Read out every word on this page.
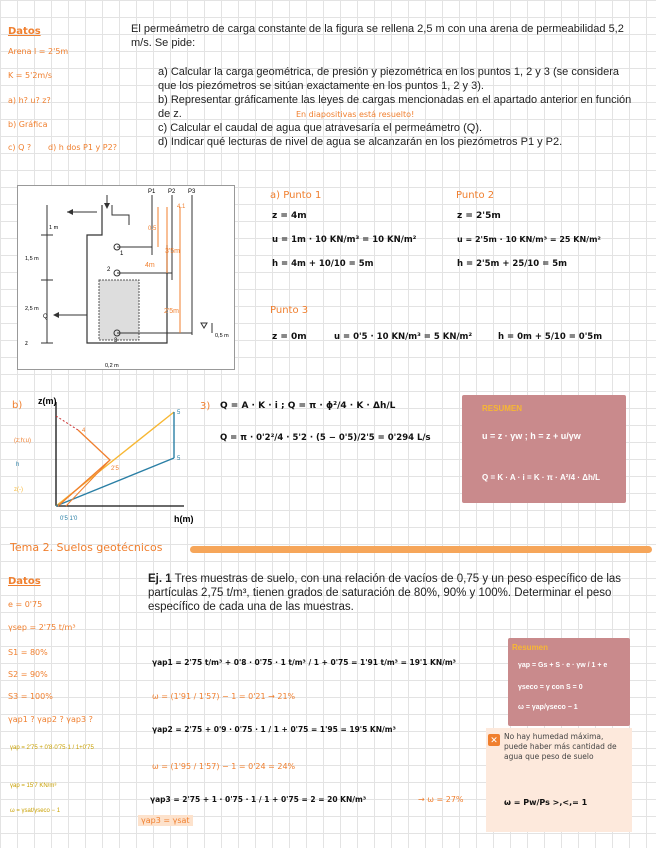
Datos
Arena l = 2'5m
K = 5'2m/s
a) h? u? z?
b) Gráfica
c) Q ? d) h dos P1 y P2?
El permeámetro de carga constante de la figura se rellena 2,5 m con una arena de permeabilidad 5,2 m/s. Se pide:
a) Calcular la carga geométrica, de presión y piezométrica en los puntos 1, 2 y 3 (se considera que los piezómetros se sitúan exactamente en los puntos 1, 2 y 3).
b) Representar gráficamente las leyes de cargas mencionadas en el apartado anterior en función de z.	En diapositivas está resuelto!
c) Calcular el caudal de agua que atravesaría el permeámetro (Q).
d) Indicar qué lecturas de nivel de agua se alcanzarán en los piezómetros P1 y P2.
P1 P2 P3
1 m
1,5 m
2,5 m
0,5 m
0,2 m
Q
z
1
2
3
4m
3'5m
2'5m
0.5
4.1
a) Punto 1
z = 4m
u = 1m · 10 KN/m³ = 10 KN/m²
h = 4m + 10/10 = 5m
Punto 2
z = 2'5m
u = 2'5m · 10 KN/m³ = 25 KN/m²
h = 2'5m + 25/10 = 5m
Punto 3
z = 0m	u = 0'5 · 10 KN/m³ = 5 KN/m²	h = 0m + 5/10 = 0'5m
b) z(m)
h(m)
(z;h;u)
h
z(-)
0'5 1'0
5
5
2'5
4
3) Q = A · K · i ; Q = π · ϕ²/4 · K · Δh/L
Q = π · 0'2²/4 · 5'2 · (5 − 0'5)/2'5 = 0'294 L/s
RESUMEN
u = z · γw ; h = z + u/γw
Q = K · A · i = K · π · A²/4 · Δh/L
Tema 2. Suelos geotécnicos
Datos
e = 0'75
γsep = 2'75 t/m³
S1 = 80%
S2 = 90%
S3 = 100%
γap1 ? γap2 ? γap3 ?
γap = 2'75 + 0'8·0'75·1 / 1+0'75
γap = 15'7 KN/m³
ω = γsat/γseco − 1
Ej. 1 Tres muestras de suelo, con una relación de vacíos de 0,75 y un peso específico de las partículas 2,75 t/m³, tienen grados de saturación de 80%, 90% y 100%. Determinar el peso específico de cada una de las muestras.
γap1 = 2'75 t/m³ + 0'8 · 0'75 · 1 t/m³ / 1 + 0'75 = 1'91 t/m³ = 19'1 KN/m³
ω = (1'91 / 1'57) − 1 = 0'21 → 21%
γap2 = 2'75 + 0'9 · 0'75 · 1 / 1 + 0'75 = 1'95 = 19'5 KN/m³
ω = (1'95 / 1'57) − 1 = 0'24 = 24%
γap3 = 2'75 + 1 · 0'75 · 1 / 1 + 0'75 = 2 = 20 KN/m³	→ ω = 27%
γap3 = γsat
Resumen
γap = Gs + S · e · γw / 1 + e
γseco = γ con S = 0
ω = γap/γseco − 1
✕ No hay humedad máxima, puede haber más cantidad de agua que peso de suelo
ω = Pw/Ps >,<,= 1
